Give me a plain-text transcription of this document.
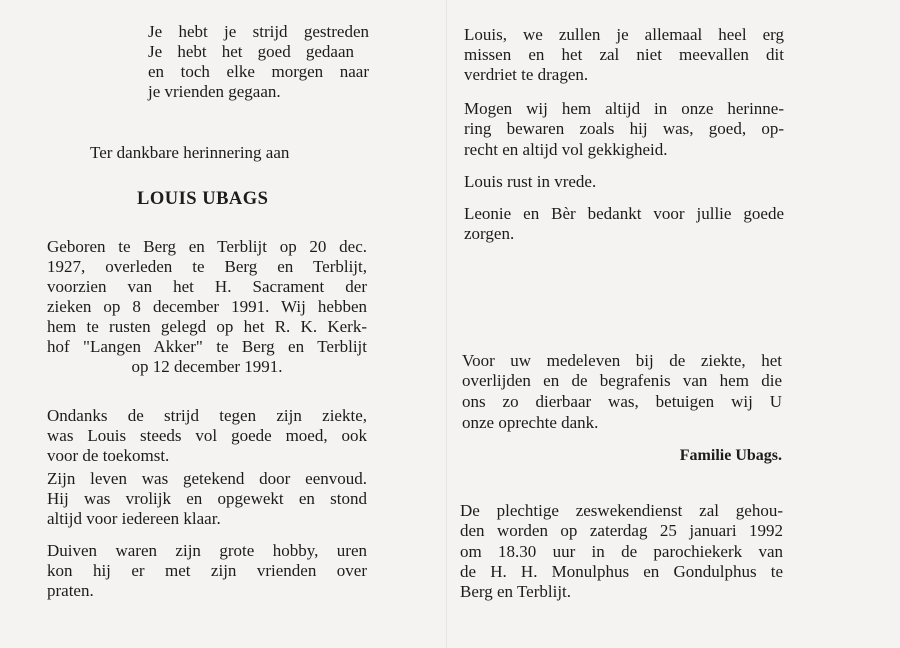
Je hebt je strijd gestreden
Je hebt het goed gedaan
en toch elke morgen naar
je vrienden gegaan.
Ter dankbare herinnering aan
LOUIS UBAGS
Geboren te Berg en Terblijt op 20 dec.
1927, overleden te Berg en Terblijt,
voorzien van het H. Sacrament der
zieken op 8 december 1991. Wij hebben
hem te rusten gelegd op het R. K. Kerk-
hof "Langen Akker" te Berg en Terblijt
op 12 december 1991.
Ondanks de strijd tegen zijn ziekte,
was Louis steeds vol goede moed, ook
voor de toekomst.
Zijn leven was getekend door eenvoud.
Hij was vrolijk en opgewekt en stond
altijd voor iedereen klaar.
Duiven waren zijn grote hobby, uren
kon hij er met zijn vrienden over
praten.
Louis, we zullen je allemaal heel erg
missen en het zal niet meevallen dit
verdriet te dragen.
Mogen wij hem altijd in onze herinne-
ring bewaren zoals hij was, goed, op-
recht en altijd vol gekkigheid.
Louis rust in vrede.
Leonie en Bèr bedankt voor jullie goede
zorgen.
Voor uw medeleven bij de ziekte, het
overlijden en de begrafenis van hem die
ons zo dierbaar was, betuigen wij U
onze oprechte dank.
Familie Ubags.
De plechtige zeswekendienst zal gehou-
den worden op zaterdag 25 januari 1992
om 18.30 uur in de parochiekerk van
de H. H. Monulphus en Gondulphus te
Berg en Terblijt.
